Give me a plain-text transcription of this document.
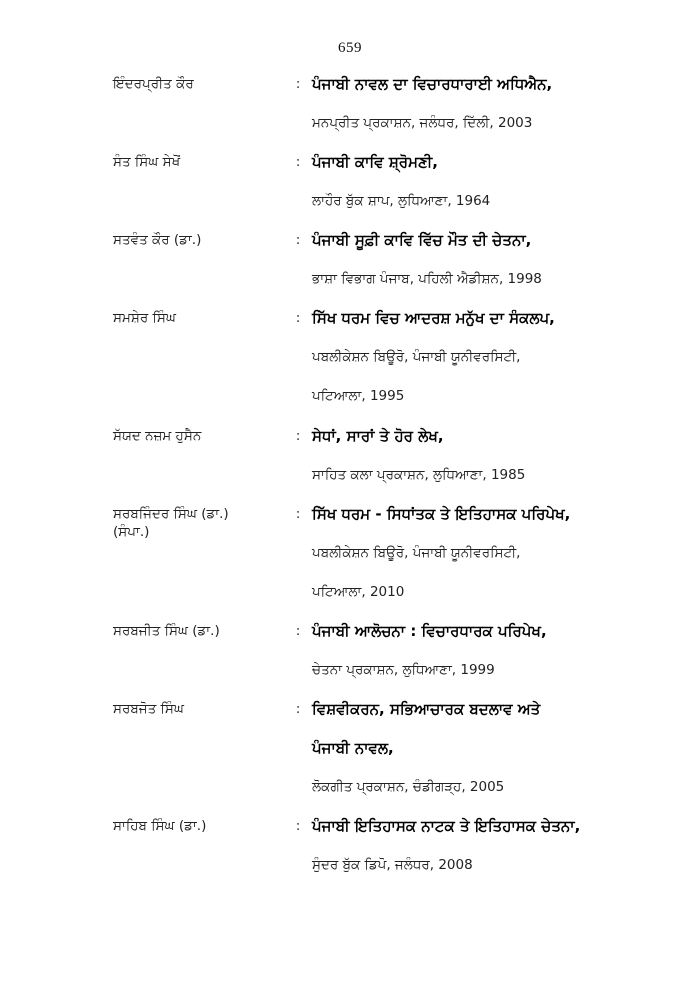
659
ਇੰਦਰਪ੍ਰੀਤ ਕੌਰ	: ਪੰਜਾਬੀ ਨਾਵਲ ਦਾ ਵਿਚਾਰਧਾਰਾਈ ਅਧਿਐਨ,
ਮਨਪ੍ਰੀਤ ਪ੍ਰਕਾਸ਼ਨ, ਜਲੰਧਰ, ਦਿੱਲੀ, 2003
ਸੰਤ ਸਿੰਘ ਸੇਖੋਂ	: ਪੰਜਾਬੀ ਕਾਵਿ ਸ਼੍ਰੋਮਣੀ,
ਲਾਹੌਰ ਬੁੱਕ ਸ਼ਾਪ, ਲੁਧਿਆਣਾ, 1964
ਸਤਵੰਤ ਕੌਰ (ਡਾ.)	: ਪੰਜਾਬੀ ਸੂਫ਼ੀ ਕਾਵਿ ਵਿੱਚ ਮੌਤ ਦੀ ਚੇਤਨਾ,
ਭਾਸ਼ਾ ਵਿਭਾਗ ਪੰਜਾਬ, ਪਹਿਲੀ ਐਡੀਸ਼ਨ, 1998
ਸਮਸ਼ੇਰ ਸਿੰਘ	: ਸਿੱਖ ਧਰਮ ਵਿਚ ਆਦਰਸ਼ ਮਨੁੱਖ ਦਾ ਸੰਕਲਪ,
ਪਬਲੀਕੇਸ਼ਨ ਬਿਊਰੋ, ਪੰਜਾਬੀ ਯੂਨੀਵਰਸਿਟੀ,
ਪਟਿਆਲਾ, 1995
ਸੱਯਦ ਨਜ਼ਮ ਹੁਸੈਨ	: ਸੇਧਾਂ, ਸਾਰਾਂ ਤੇ ਹੋਰ ਲੇਖ,
ਸਾਹਿਤ ਕਲਾ ਪ੍ਰਕਾਸ਼ਨ, ਲੁਧਿਆਣਾ, 1985
ਸਰਬਜਿੰਦਰ ਸਿੰਘ (ਡਾ.)	: ਸਿੱਖ ਧਰਮ - ਸਿਧਾਂਤਕ ਤੇ ਇਤਿਹਾਸਕ ਪਰਿਪੇਖ,
(ਸੰਪਾ.)
ਪਬਲੀਕੇਸ਼ਨ ਬਿਊਰੋ, ਪੰਜਾਬੀ ਯੂਨੀਵਰਸਿਟੀ,
ਪਟਿਆਲਾ, 2010
ਸਰਬਜੀਤ ਸਿੰਘ (ਡਾ.)	: ਪੰਜਾਬੀ ਆਲੋਚਨਾ : ਵਿਚਾਰਧਾਰਕ ਪਰਿਪੇਖ,
ਚੇਤਨਾ ਪ੍ਰਕਾਸ਼ਨ, ਲੁਧਿਆਣਾ, 1999
ਸਰਬਜੋਤ ਸਿੰਘ	: ਵਿਸ਼ਵੀਕਰਨ, ਸਭਿਆਚਾਰਕ ਬਦਲਾਵ ਅਤੇ
ਪੰਜਾਬੀ ਨਾਵਲ,
ਲੋਕਗੀਤ ਪ੍ਰਕਾਸ਼ਨ, ਚੰਡੀਗੜ੍ਹ, 2005
ਸਾਹਿਬ ਸਿੰਘ (ਡਾ.)	: ਪੰਜਾਬੀ ਇਤਿਹਾਸਕ ਨਾਟਕ ਤੇ ਇਤਿਹਾਸਕ ਚੇਤਨਾ,
ਸੁੰਦਰ ਬੁੱਕ ਡਿਪੋ, ਜਲੰਧਰ, 2008
